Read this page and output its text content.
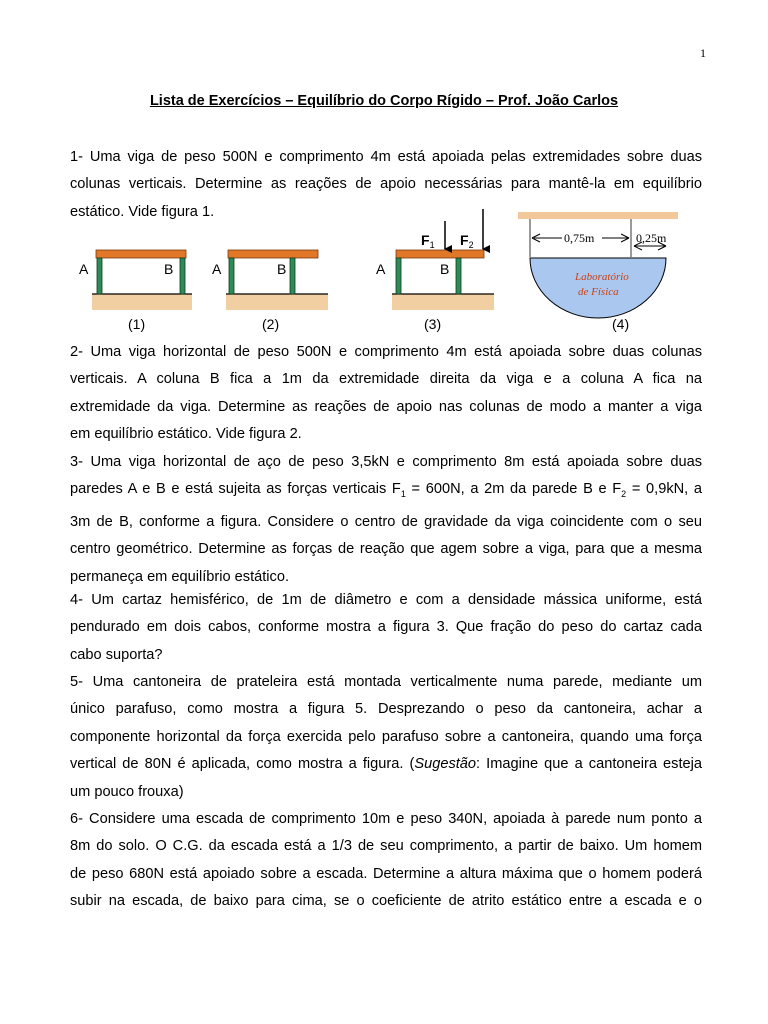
1
Lista de Exercícios – Equilíbrio do Corpo Rígido – Prof. João Carlos
1- Uma viga de peso 500N e comprimento 4m está apoiada pelas extremidades sobre duas
colunas verticais. Determine as reações de apoio necessárias para mantê-la em equilíbrio
estático. Vide figura 1.
A	B
(1)
A	B
(2)
$F_1$ $F_2$
A	B
(3)
0,75m	0,25m
Laboratório
de Física
(4)
2- Uma viga horizontal de peso 500N e comprimento 4m está apoiada sobre duas colunas
verticais. A coluna B fica a 1m da extremidade direita da viga e a coluna A fica na
extremidade da viga. Determine as reações de apoio nas colunas de modo a manter a viga
em equilíbrio estático. Vide figura 2.
3- Uma viga horizontal de aço de peso 3,5kN e comprimento 8m está apoiada sobre duas
paredes A e B e está sujeita as forças verticais $F_1 = 600N$, a 2m da parede B e $F_2 = 0,9kN$, a
3m de B, conforme a figura. Considere o centro de gravidade da viga coincidente com o seu
centro geométrico. Determine as forças de reação que agem sobre a viga, para que a mesma
permaneça em equilíbrio estático.
4- Um cartaz hemisférico, de 1m de diâmetro e com a densidade mássica uniforme, está
pendurado em dois cabos, conforme mostra a figura 3. Que fração do peso do cartaz cada
cabo suporta?
5- Uma cantoneira de prateleira está montada verticalmente numa parede, mediante um
único parafuso, como mostra a figura 5. Desprezando o peso da cantoneira, achar a
componente horizontal da força exercida pelo parafuso sobre a cantoneira, quando uma força
vertical de 80N é aplicada, como mostra a figura. (Sugestão: Imagine que a cantoneira esteja
um pouco frouxa)
6- Considere uma escada de comprimento 10m e peso 340N, apoiada à parede num ponto a
8m do solo. O C.G. da escada está a 1/3 de seu comprimento, a partir de baixo. Um homem
de peso 680N está apoiado sobre a escada. Determine a altura máxima que o homem poderá
subir na escada, de baixo para cima, se o coeficiente de atrito estático entre a escada e o
